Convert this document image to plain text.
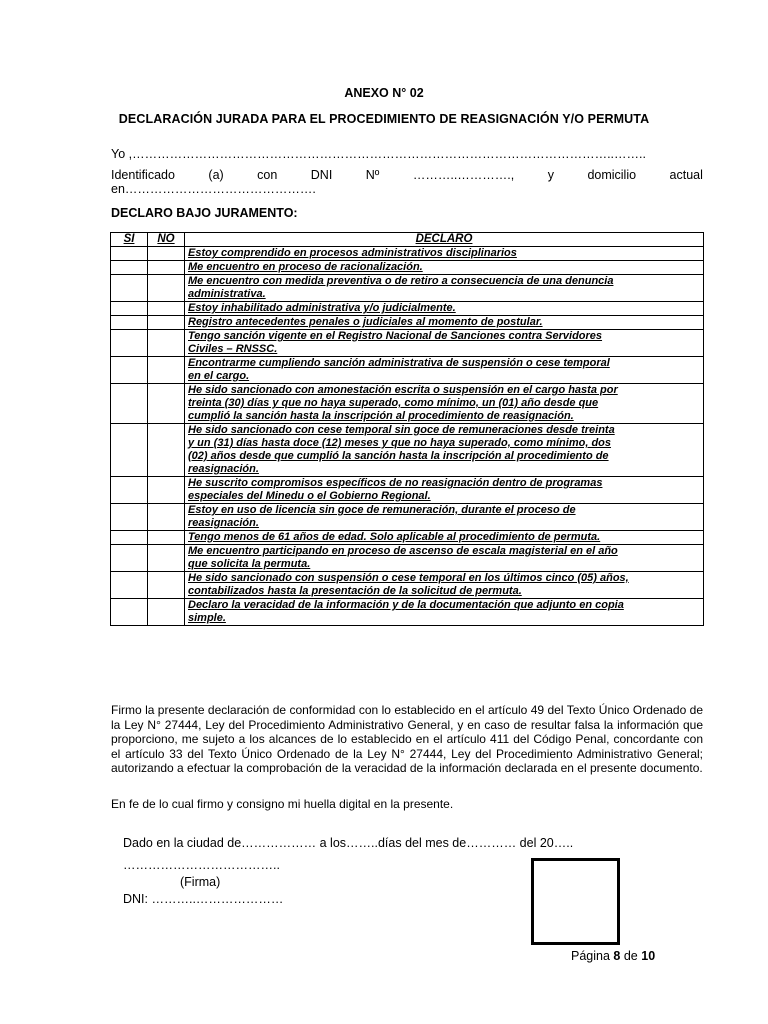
ANEXO N° 02
DECLARACIÓN JURADA PARA EL PROCEDIMIENTO DE REASIGNACIÓN Y/O PERMUTA
Yo ,……………………………………………………………………………………………………..……..
Identificado	(a)	con	DNI	Nº	………..………….,	y	domicilio	actual
en……………………………………….
DECLARO BAJO JURAMENTO:
SI	NO	DECLARO

		Estoy comprendido en procesos administrativos disciplinarios

		Me encuentro en proceso de racionalización.

		Me encuentro con medida preventiva o de retiro a consecuencia de una denuncia
administrativa.

		Estoy inhabilitado administrativa y/o judicialmente.

		Registro antecedentes penales o judiciales al momento de postular.

		Tengo sanción vigente en el Registro Nacional de Sanciones contra Servidores
Civiles – RNSSC.

		Encontrarme cumpliendo sanción administrativa de suspensión o cese temporal
en el cargo.

		He sido sancionado con amonestación escrita o suspensión en el cargo hasta por
treinta (30) días y que no haya superado, como mínimo, un (01) año desde que
cumplió la sanción hasta la inscripción al procedimiento de reasignación.

		He sido sancionado con cese temporal sin goce de remuneraciones desde treinta
y un (31) días hasta doce (12) meses y que no haya superado, como mínimo, dos
(02) años desde que cumplió la sanción hasta la inscripción al procedimiento de
reasignación.

		He suscrito compromisos específicos de no reasignación dentro de programas
especiales del Minedu o el Gobierno Regional.

		Estoy en uso de licencia sin goce de remuneración, durante el proceso de
reasignación.

		Tengo menos de 61 años de edad. Solo aplicable al procedimiento de permuta.

		Me encuentro participando en proceso de ascenso de escala magisterial en el año
que solicita la permuta.

		He sido sancionado con suspensión o cese temporal en los últimos cinco (05) años,
contabilizados hasta la presentación de la solicitud de permuta.

		Declaro la veracidad de la información y de la documentación que adjunto en copia
simple.
Firmo la presente declaración de conformidad con lo establecido en el artículo 49 del Texto Único Ordenado de la Ley N° 27444, Ley del Procedimiento Administrativo General, y en caso de resultar falsa la información que proporciono, me sujeto a los alcances de lo establecido en el artículo 411 del Código Penal, concordante con el artículo 33 del Texto Único Ordenado de la Ley N° 27444, Ley del Procedimiento Administrativo General; autorizando a efectuar la comprobación de la veracidad de la información declarada en el presente documento.
En fe de lo cual firmo y consigno mi huella digital en la presente.
Dado en la ciudad de……………… a los……..días del mes de………… del 20…..
………………………………..
(Firma)
DNI: ………..…………………
Página 8 de 10
